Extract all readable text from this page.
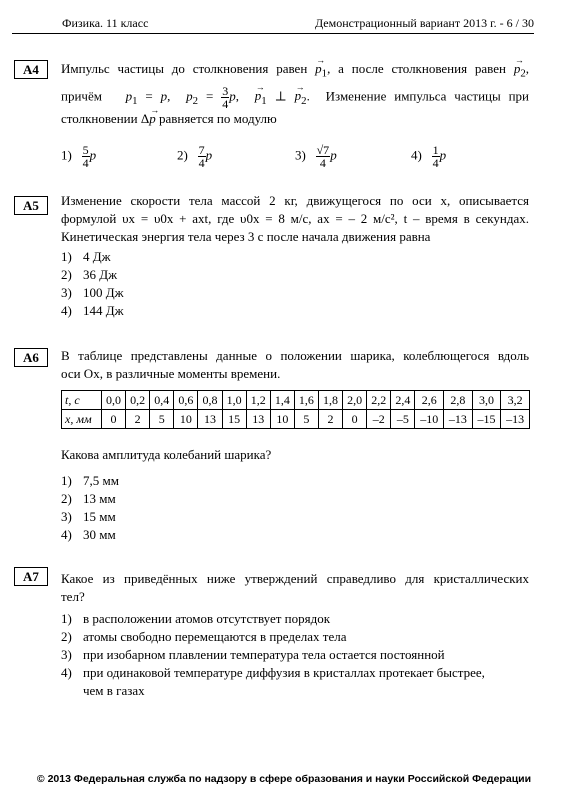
Физика. 11 класс	Демонстрационный вариант 2013 г. - 6 / 30
А4	Импульс частицы до столкновения равен → $p_1$, а после столкновения равен → $p_2$,
причём $p_1 = p$,  $p_2 = \frac{3}{4} p$,  → $p_1$ ⊥ → $p_2$.  Изменение импульса частицы при
столкновении Δ→ p равняется по модулю
$1) \frac{5}{4}$ p	$2) \frac{7}{4}$ p	$3) \frac{√7}{4}$ p	$4) \frac{1}{4}$ p
А5	Изменение скорости тела массой 2 кг, движущегося по оси x, описывается
формулой υx = υ0x + axt, где υ0x = 8 м/с, ax = – 2 м/с², t – время в секундах.
Кинетическая энергия тела через 3 с после начала движения равна
1) 4 Дж
2) 36 Дж
3) 100 Дж
4) 144 Дж
А6	В таблице представлены данные о положении шарика, колеблющегося вдоль
оси Ox, в различные моменты времени.
t, с	0,0	0,2	0,4	0,6	0,8	1,0	1,2	1,4	1,6	1,8	2,0	2,2	2,4	2,6	2,8	3,0	3,2
x, мм	0	2	5	10	13	15	13	10	5	2	0	–2	–5	–10	–13	–15	–13
Какова амплитуда колебаний шарика?
1) 7,5 мм
2) 13 мм
3) 15 мм
4) 30 мм
А7	Какое из приведённых ниже утверждений справедливо для кристаллических
тел?
1) в расположении атомов отсутствует порядок
2) атомы свободно перемещаются в пределах тела
3) при изобарном плавлении температура тела остается постоянной
4) при одинаковой температуре диффузия в кристаллах протекает быстрее,
чем в газах
© 2013 Федеральная служба по надзору в сфере образования и науки Российской Федерации
